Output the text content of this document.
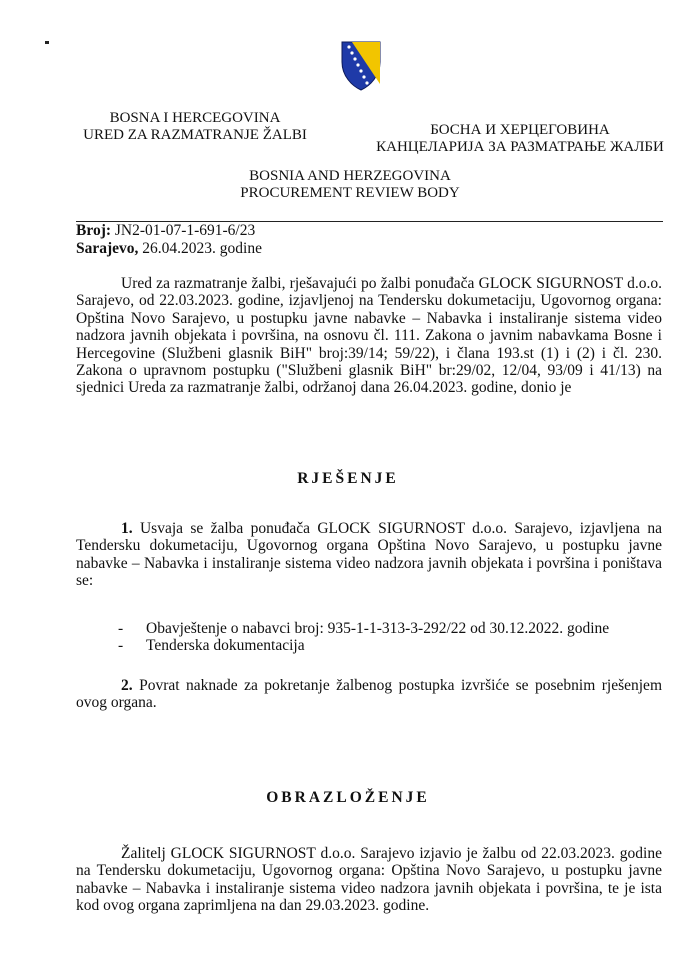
BOSNA I HERCEGOVINA
URED ZA RAZMATRANJE ŽALBI	БОСНА И ХЕРЦЕГОВИНА
КАНЦЕЛАРИЈА ЗА РАЗМАТРАЊЕ ЖАЛБИ
BOSNIA AND HERZEGOVINA
PROCUREMENT REVIEW BODY
Broj: JN2-01-07-1-691-6/23
Sarajevo, 26.04.2023. godine
Ured za razmatranje žalbi, rješavajući po žalbi ponuđača GLOCK SIGURNOST d.o.o. Sarajevo, od 22.03.2023. godine, izjavljenoj na Tendersku dokumetaciju, Ugovornog organa: Opština Novo Sarajevo, u postupku javne nabavke – Nabavka i instaliranje sistema video nadzora javnih objekata i površina, na osnovu čl. 111. Zakona o javnim nabavkama Bosne i Hercegovine (Službeni glasnik BiH" broj:39/14; 59/22), i člana 193.st (1) i (2) i čl. 230. Zakona o upravnom postupku ("Službeni glasnik BiH" br:29/02, 12/04, 93/09 i 41/13) na sjednici Ureda za razmatranje žalbi, održanoj dana 26.04.2023. godine, donio je
RJEŠENJE
1. Usvaja se žalba ponuđača GLOCK SIGURNOST d.o.o. Sarajevo, izjavljena na Tendersku dokumetaciju, Ugovornog organa Opština Novo Sarajevo, u postupku javne nabavke – Nabavka i instaliranje sistema video nadzora javnih objekata i površina i poništava se:
- Obavještenje o nabavci broj: 935-1-1-313-3-292/22 od 30.12.2022. godine
- Tenderska dokumentacija
2. Povrat naknade za pokretanje žalbenog postupka izvršiće se posebnim rješenjem ovog organa.
OBRAZLOŽENJE
Žalitelj GLOCK SIGURNOST d.o.o. Sarajevo izjavio je žalbu od 22.03.2023. godine na Tendersku dokumetaciju, Ugovornog organa: Opština Novo Sarajevo, u postupku javne nabavke – Nabavka i instaliranje sistema video nadzora javnih objekata i površina, te je ista kod ovog organa zaprimljena na dan 29.03.2023. godine.
